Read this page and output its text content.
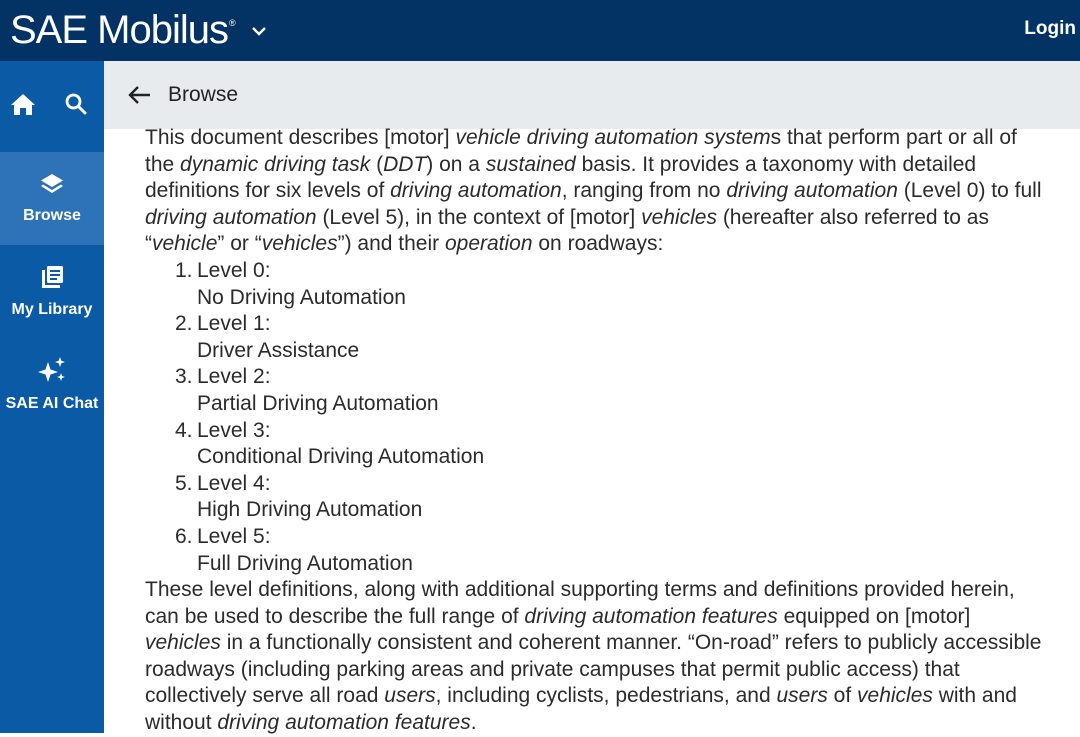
SAE Mobilus ®	Login
Browse
My Library
SAE AI Chat
Browse

This document describes [motor] vehicle driving automation systems that perform part or all of the dynamic driving task (DDT) on a sustained basis. It provides a taxonomy with detailed definitions for six levels of driving automation, ranging from no driving automation (Level 0) to full driving automation (Level 5), in the context of [motor] vehicles (hereafter also referred to as “vehicle” or “vehicles”) and their operation on roadways:

1. Level 0:
No Driving Automation
2. Level 1:
Driver Assistance
3. Level 2:
Partial Driving Automation
4. Level 3:
Conditional Driving Automation
5. Level 4:
High Driving Automation
6. Level 5:
Full Driving Automation

These level definitions, along with additional supporting terms and definitions provided herein, can be used to describe the full range of driving automation features equipped on [motor] vehicles in a functionally consistent and coherent manner. “On-road” refers to publicly accessible roadways (including parking areas and private campuses that permit public access) that collectively serve all road users, including cyclists, pedestrians, and users of vehicles with and without driving automation features.
